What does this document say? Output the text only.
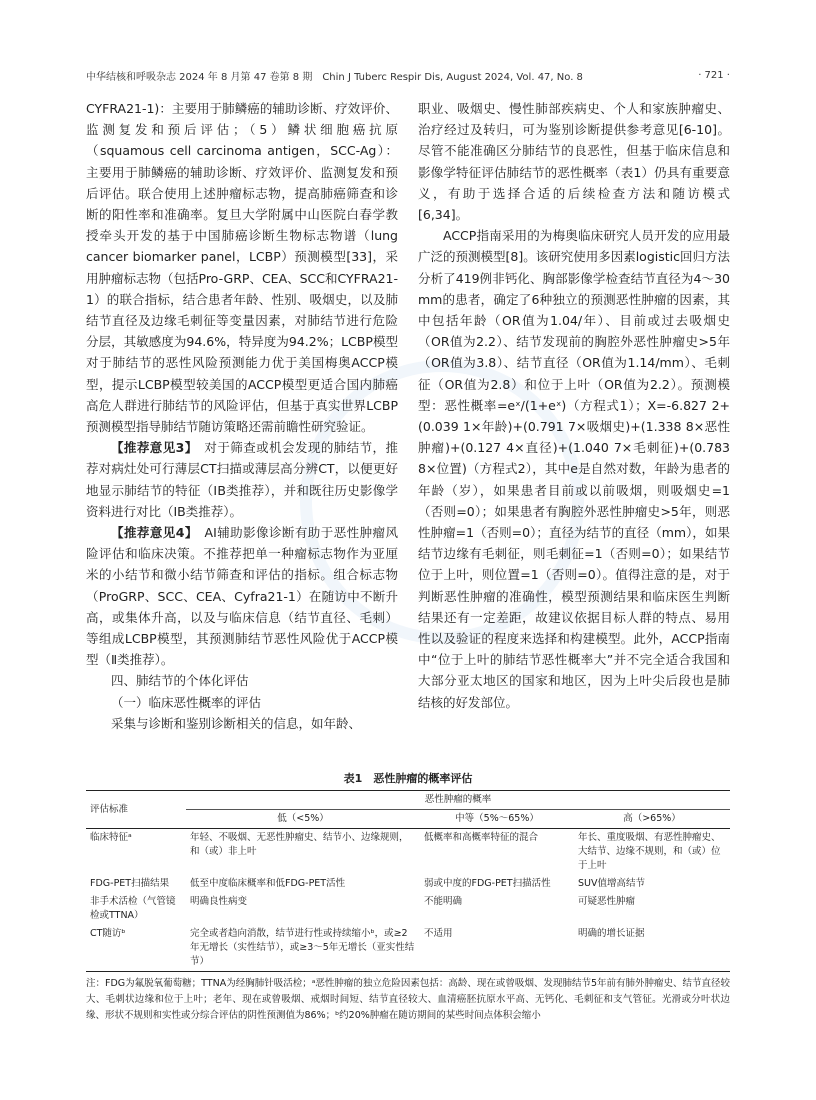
中华结核和呼吸杂志 2024 年 8 月第 47 卷第 8 期　Chin J Tuberc Respir Dis, August 2024, Vol. 47, No. 8	· 721 ·

CYFRA21-1)：主要用于肺鳞癌的辅助诊断、疗效评价、监测复发和预后评估；（5）鳞状细胞癌抗原（squamous cell carcinoma antigen，SCC-Ag）：主要用于肺鳞癌的辅助诊断、疗效评价、监测复发和预后评估。联合使用上述肿瘤标志物，提高肺癌筛查和诊断的阳性率和准确率。复旦大学附属中山医院白春学教授牵头开发的基于中国肺癌诊断生物标志物谱（lung cancer biomarker panel，LCBP）预测模型[33]，采用肿瘤标志物（包括Pro-GRP、CEA、SCC和CYFRA21-1）的联合指标，结合患者年龄、性别、吸烟史，以及肺结节直径及边缘毛刺征等变量因素，对肺结节进行危险分层，其敏感度为94.6%，特异度为94.2%；LCBP模型对于肺结节的恶性风险预测能力优于美国梅奥ACCP模型，提示LCBP模型较美国的ACCP模型更适合国内肺癌高危人群进行肺结节的风险评估，但基于真实世界LCBP预测模型指导肺结节随访策略还需前瞻性研究验证。

【推荐意见3】　 对于筛查或机会发现的肺结节，推荐对病灶处可行薄层CT扫描或薄层高分辨CT，以便更好地显示肺结节的特征（ⅠB类推荐），并和既往历史影像学资料进行对比（ⅠB类推荐）。

【推荐意见4】　 AI辅助影像诊断有助于恶性肿瘤风险评估和临床决策。不推荐把单一种瘤标志物作为亚厘米的小结节和微小结节筛查和评估的指标。组合标志物（ProGRP、SCC、CEA、Cyfra21-1）在随访中不断升高，或集体升高，以及与临床信息（结节直径、毛刺）等组成LCBP模型，其预测肺结节恶性风险优于ACCP模型（Ⅱ类推荐）。

四、肺结节的个体化评估

（一）临床恶性概率的评估

采集与诊断和鉴别诊断相关的信息，如年龄、

职业、吸烟史、慢性肺部疾病史、个人和家族肿瘤史、治疗经过及转归，可为鉴别诊断提供参考意见[6-10]。尽管不能准确区分肺结节的良恶性，但基于临床信息和影像学特征评估肺结节的恶性概率（表1）仍具有重要意义，有助于选择合适的后续检查方法和随访模式[6,34]。

ACCP指南采用的为梅奥临床研究人员开发的应用最广泛的预测模型[8]。该研究使用多因素logistic回归方法分析了419例非钙化、胸部影像学检查结节直径为4～30 mm的患者，确定了6种独立的预测恶性肿瘤的因素，其中包括年龄（OR值为1.04/年）、目前或过去吸烟史（OR值为2.2）、结节发现前的胸腔外恶性肿瘤史>5年（OR值为3.8）、结节直径（OR值为1.14/mm）、毛刺征（OR值为2.8）和位于上叶（OR值为2.2）。预测模型：恶性概率=eˣ/(1+eˣ)（方程式1）；X=-6.827 2+(0.039 1×年龄)+(0.791 7×吸烟史)+(1.338 8×恶性肿瘤)+(0.127 4×直径)+(1.040 7×毛刺征)+(0.783 8×位置)（方程式2），其中e是自然对数，年龄为患者的年龄（岁），如果患者目前或以前吸烟，则吸烟史=1（否则=0）；如果患者有胸腔外恶性肿瘤史>5年，则恶性肿瘤=1（否则=0）；直径为结节的直径（mm），如果结节边缘有毛刺征，则毛刺征=1（否则=0）；如果结节位于上叶，则位置=1（否则=0）。值得注意的是，对于判断恶性肿瘤的准确性，模型预测结果和临床医生判断结果还有一定差距，故建议依据目标人群的特点、易用性以及验证的程度来选择和构建模型。此外，ACCP指南中“位于上叶的肺结节恶性概率大”并不完全适合我国和大部分亚太地区的国家和地区，因为上叶尖后段也是肺结核的好发部位。

表1　恶性肿瘤的概率评估
评估标准	恶性肿瘤的概率		
	低（<5%）	中等（5%～65%）	高（>65%）
临床特征ᵃ	年轻、不吸烟、无恶性肿瘤史、结节小、边缘规则，和（或）非上叶	低概率和高概率特征的混合	年长、重度吸烟、有恶性肿瘤史、大结节、边缘不规则，和（或）位于上叶
FDG-PET扫描结果	低至中度临床概率和低FDG-PET活性	弱或中度的FDG-PET扫描活性	SUV值增高结节
非手术活检（气管镜检或TTNA）	明确良性病变	不能明确	可疑恶性肿瘤
CT随访ᵇ	完全或者趋向消散，结节进行性或持续缩小ᵇ，或≥2年无增长（实性结节），或≥3～5年无增长（亚实性结节）	不适用	明确的增长证据
注：FDG为氟脱氧葡萄糖；TTNA为经胸肺针吸活检；ᵃ恶性肿瘤的独立危险因素包括：高龄、现在或曾吸烟、发现肺结节5年前有肺外肿瘤史、结节直径较大、毛刺状边缘和位于上叶；老年、现在或曾吸烟、戒烟时间短、结节直径较大、血清癌胚抗原水平高、无钙化、毛刺征和支气管征。光滑或分叶状边缘、形状不规则和实性或分综合评估的阴性预测值为86%；ᵇ约20%肿瘤在随访期间的某些时间点体积会缩小
